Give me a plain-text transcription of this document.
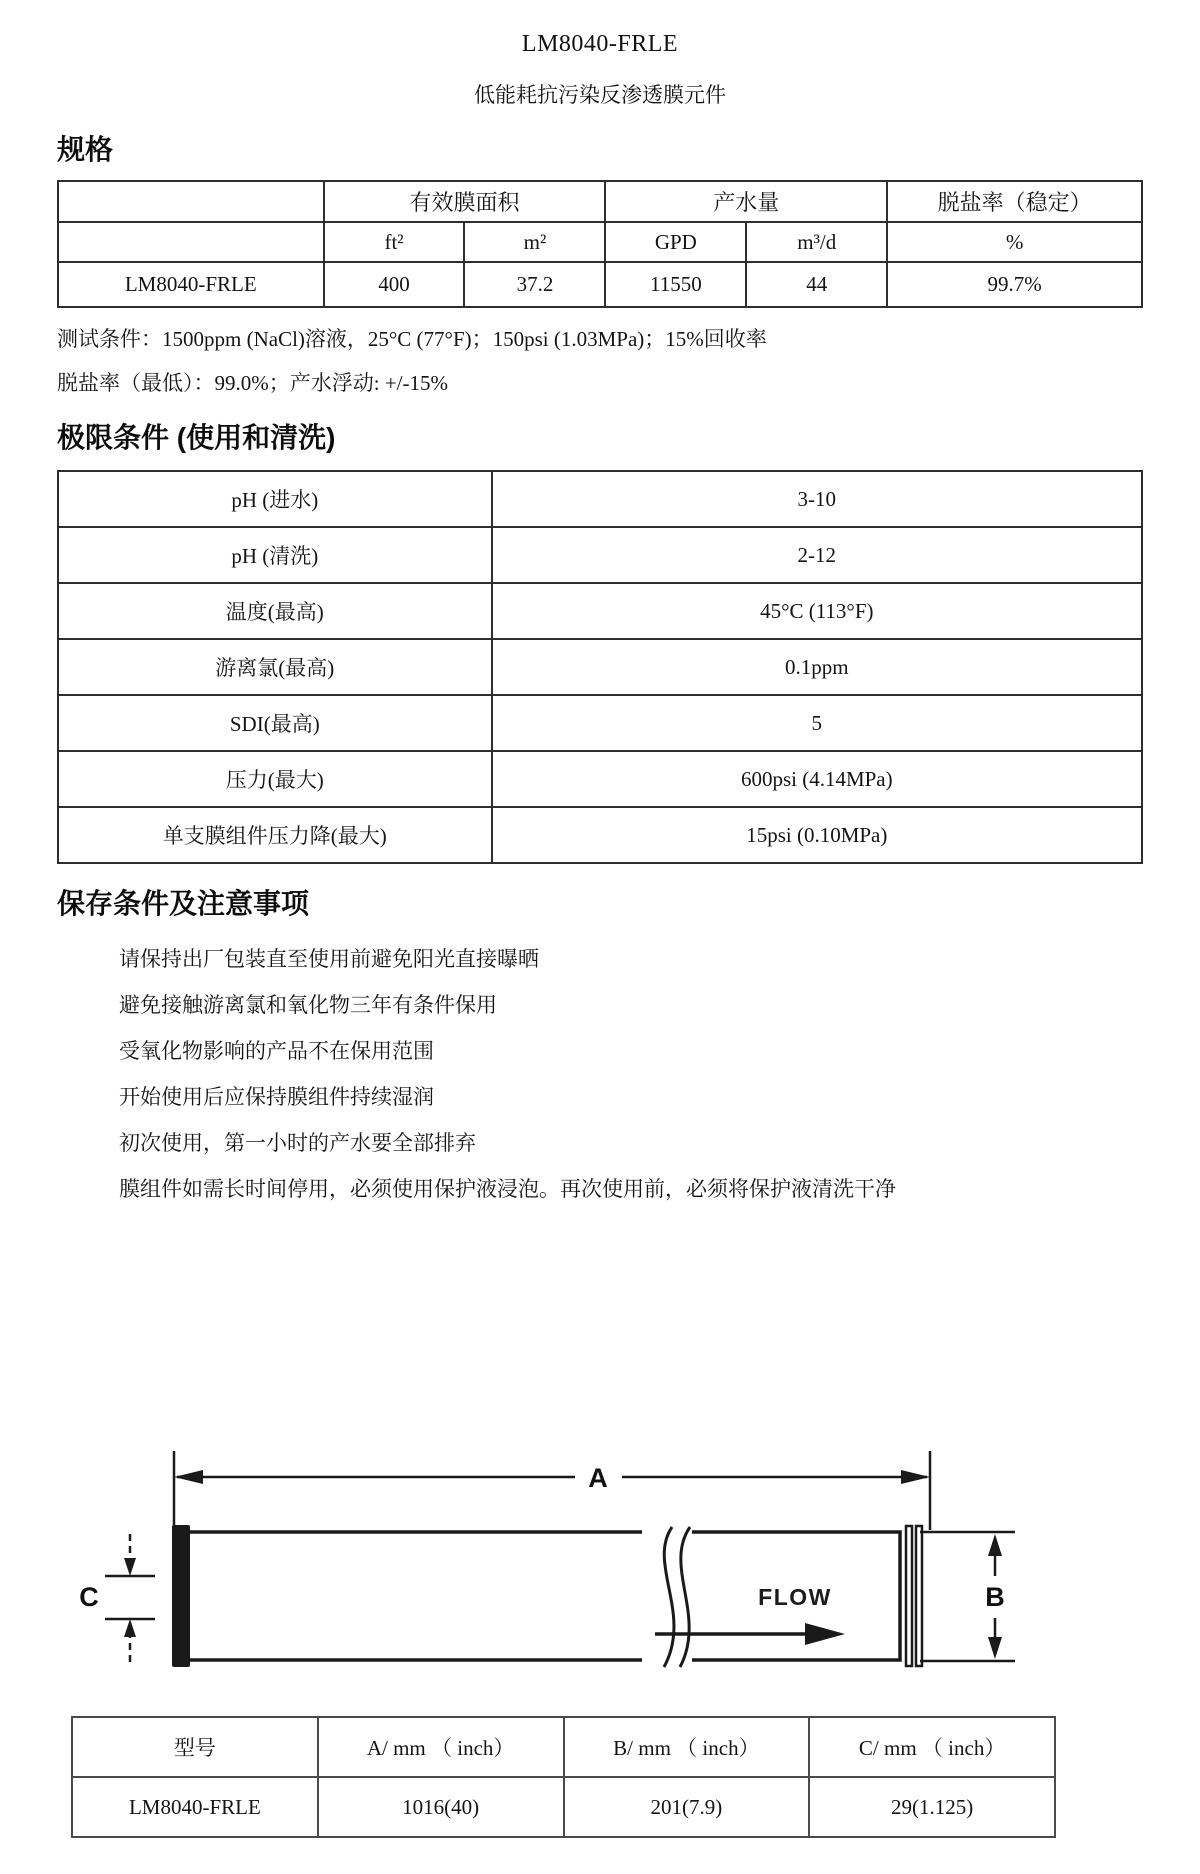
LM8040-FRLE
低能耗抗污染反渗透膜元件
规格
	有效膜面积		产水量		脱盐率（稳定）
	ft²	m²	GPD	m³/d	%
LM8040-FRLE	400	37.2	11550	44	99.7%

测试条件：1500ppm (NaCl)溶液，25°C (77°F)；150psi (1.03MPa)；15%回收率

脱盐率（最低）：99.0%；产水浮动: +/-15%

极限条件 (使用和清洗)
pH (进水)	3-10
pH (清洗)	2-12
温度(最高)	45°C (113°F)
游离氯(最高)	0.1ppm
SDI(最高)	5
压力(最大)	600psi (4.14MPa)
单支膜组件压力降(最大)	15psi (0.10MPa)
保存条件及注意事项

请保持出厂包装直至使用前避免阳光直接曝晒

避免接触游离氯和氧化物三年有条件保用

受氧化物影响的产品不在保用范围

开始使用后应保持膜组件持续湿润

初次使用，第一小时的产水要全部排弃

膜组件如需长时间停用，必须使用保护液浸泡。再次使用前，必须将保护液清洗干净

A
FLOW	B
C
型号	A/ mm （ inch）	B/ mm （ inch）	C/ mm （ inch）
LM8040-FRLE	1016(40)	201(7.9)	29(1.125)
